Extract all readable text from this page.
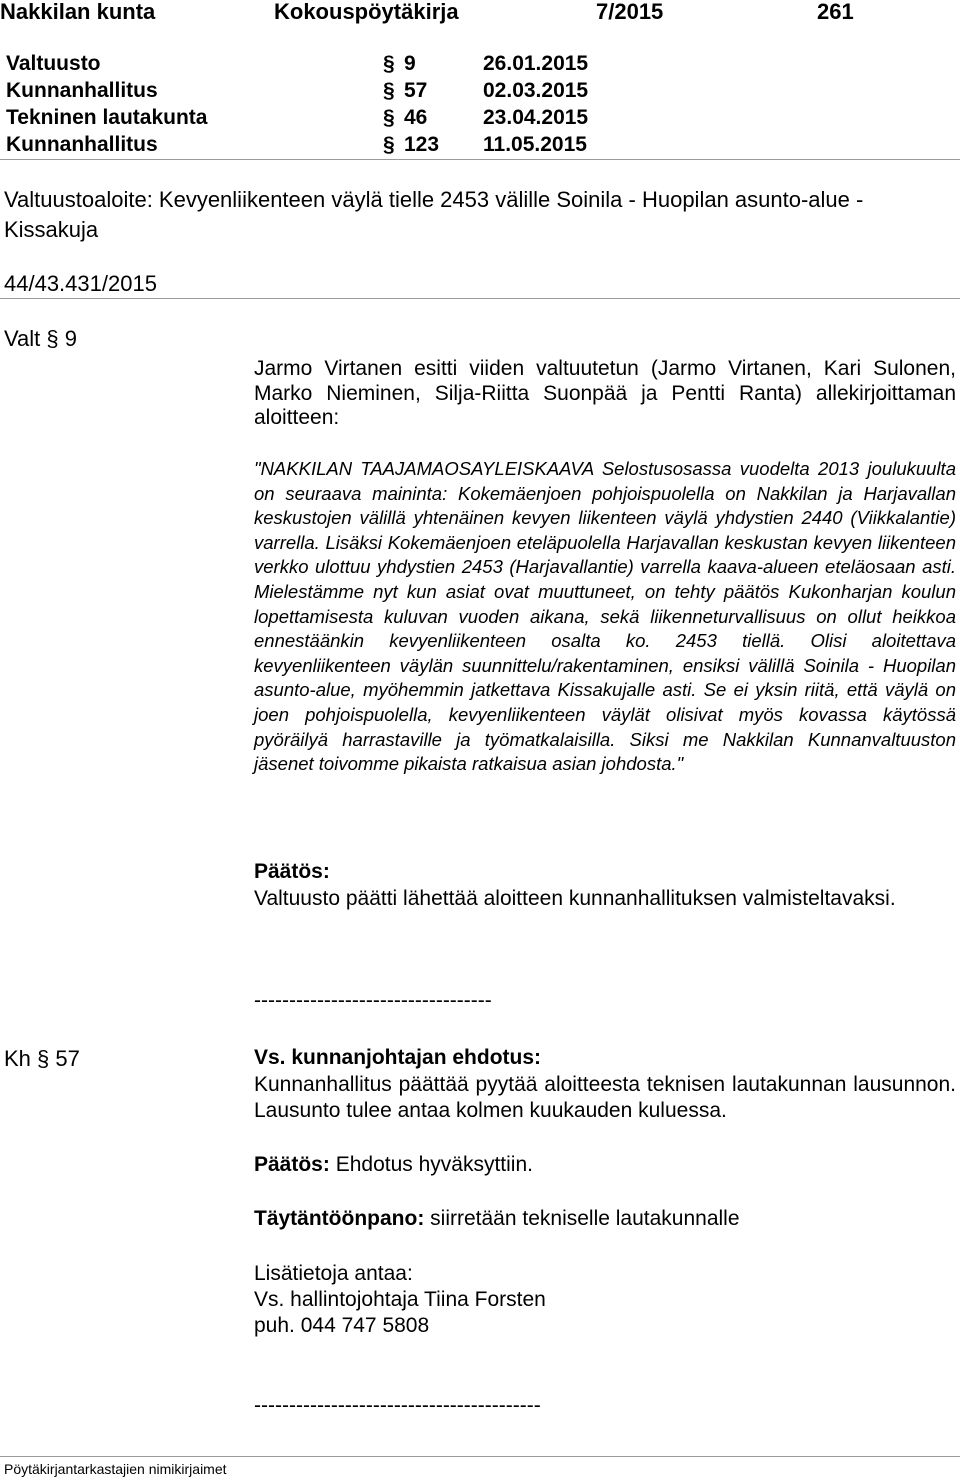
Nakkilan kunta	Kokouspöytäkirja	7/2015	261
Valtuusto	§ 9	26.01.2015
Kunnanhallitus	§ 57	02.03.2015
Tekninen lautakunta	§ 46	23.04.2015
Kunnanhallitus	§ 123 11.05.2015
Valtuustoaloite: Kevyenliikenteen väylä tielle 2453 välille Soinila - Huopilan asunto-alue -
Kissakuja
44/43.431/2015
Valt § 9
Jarmo Virtanen esitti viiden valtuutetun (Jarmo Virtanen, Kari Sulonen, Marko Nieminen, Silja-Riitta Suonpää ja Pentti Ranta) allekirjoittaman aloitteen:
"NAKKILAN TAAJAMAOSAYLEISKAAVA Selostusosassa vuodelta 2013 joulukuulta on seuraava maininta: Kokemäenjoen pohjoispuolella on Nakkilan ja Harjavallan keskustojen välillä yhtenäinen kevyen liikenteen väylä yhdystien 2440 (Viikkalantie) varrella. Lisäksi Kokemäenjoen eteläpuolella Harjavallan keskustan kevyen liikenteen verkko ulottuu yhdystien 2453 (Harjavallantie) varrella kaava-alueen eteläosaan asti. Mielestämme nyt kun asiat ovat muuttuneet, on tehty päätös Kukonharjan koulun lopettamisesta kuluvan vuoden aikana, sekä liikenneturvallisuus on ollut heikkoa ennestäänkin kevyenliikenteen osalta ko. 2453 tiellä. Olisi aloitettava kevyenliikenteen väylän suunnittelu/rakentaminen, ensiksi välillä Soinila - Huopilan asunto-alue, myöhemmin jatkettava Kissakujalle asti. Se ei yksin riitä, että väylä on joen pohjoispuolella, kevyenliikenteen väylät olisivat myös kovassa käytössä pyöräilyä harrastaville ja työmatkalaisilla. Siksi me Nakkilan Kunnanvaltuuston jäsenet toivomme pikaista ratkaisua asian johdosta."
Päätös:
Valtuusto päätti lähettää aloitteen kunnanhallituksen valmisteltavaksi.
----------------------------------
Kh § 57	Vs. kunnanjohtajan ehdotus:
Kunnanhallitus päättää pyytää aloitteesta teknisen lautakunnan lausunnon. Lausunto tulee antaa kolmen kuukauden kuluessa.
Päätös: Ehdotus hyväksyttiin.
Täytäntöönpano: siirretään tekniselle lautakunnalle
Lisätietoja antaa:
Vs. hallintojohtaja Tiina Forsten
puh. 044 747 5808
-----------------------------------------
Pöytäkirjantarkastajien nimikirjaimet
